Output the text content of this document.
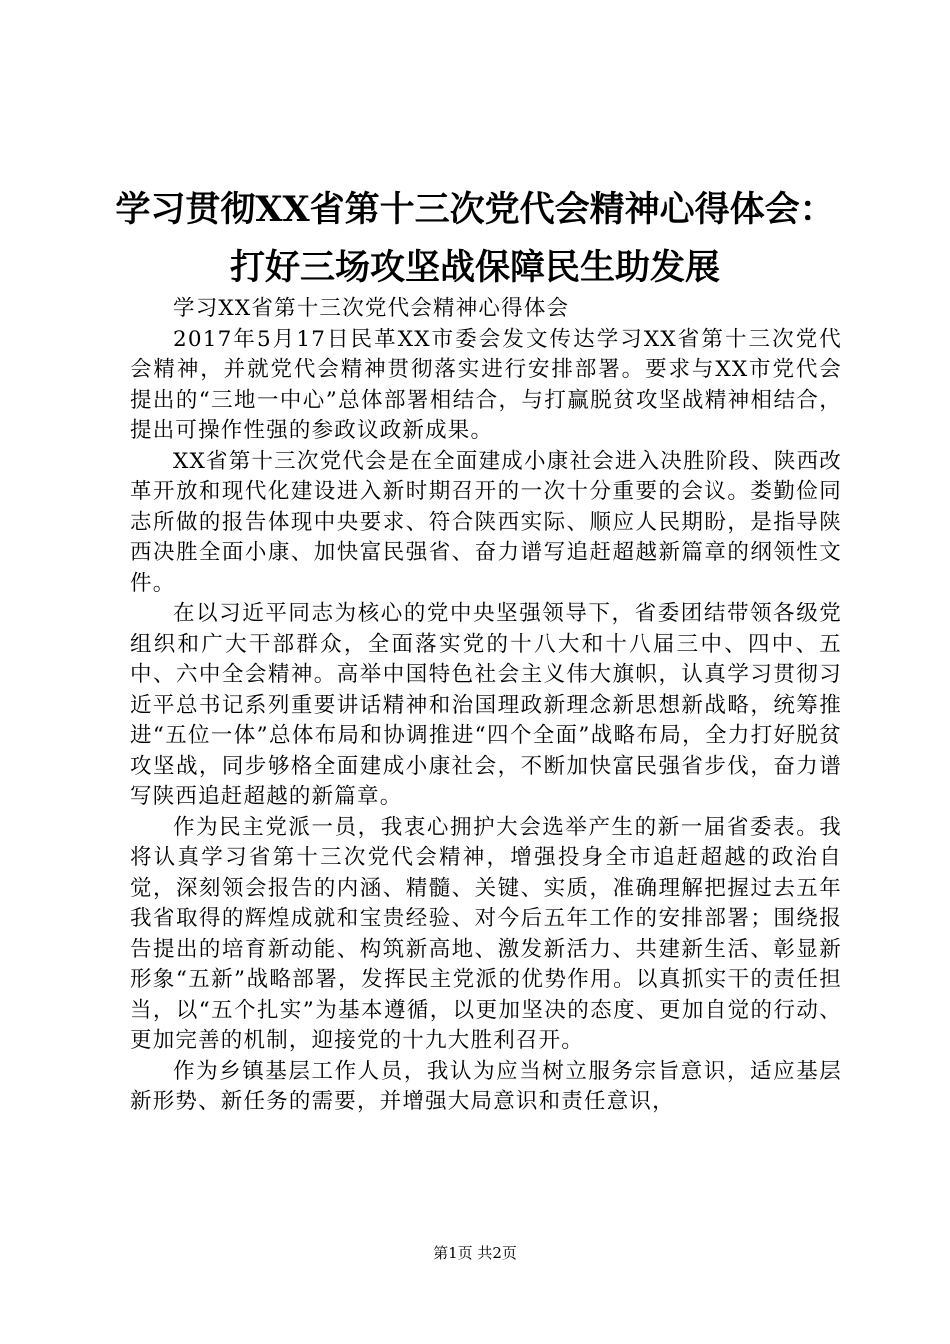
学习贯彻XX省第十三次党代会精神心得体会：
打好三场攻坚战保障民生助发展

学习XX省第十三次党代会精神心得体会

2017年5月17日民革XX市委会发文传达学习XX省第十三次党代会精神，并就党代会精神贯彻落实进行安排部署。要求与XX市党代会提出的“三地一中心”总体部署相结合，与打赢脱贫攻坚战精神相结合，提出可操作性强的参政议政新成果。

XX省第十三次党代会是在全面建成小康社会进入决胜阶段、陕西改革开放和现代化建设进入新时期召开的一次十分重要的会议。娄勤俭同志所做的报告体现中央要求、符合陕西实际、顺应人民期盼，是指导陕西决胜全面小康、加快富民强省、奋力谱写追赶超越新篇章的纲领性文件。

在以习近平同志为核心的党中央坚强领导下，省委团结带领各级党组织和广大干部群众，全面落实党的十八大和十八届三中、四中、五中、六中全会精神。高举中国特色社会主义伟大旗帜，认真学习贯彻习近平总书记系列重要讲话精神和治国理政新理念新思想新战略，统筹推进“五位一体”总体布局和协调推进“四个全面”战略布局，全力打好脱贫攻坚战，同步够格全面建成小康社会，不断加快富民强省步伐，奋力谱写陕西追赶超越的新篇章。

作为民主党派一员，我衷心拥护大会选举产生的新一届省委表。我将认真学习省第十三次党代会精神，增强投身全市追赶超越的政治自觉，深刻领会报告的内涵、精髓、关键、实质，准确理解把握过去五年我省取得的辉煌成就和宝贵经验、对今后五年工作的安排部署；围绕报告提出的培育新动能、构筑新高地、激发新活力、共建新生活、彰显新形象“五新”战略部署，发挥民主党派的优势作用。以真抓实干的责任担当，以“五个扎实”为基本遵循，以更加坚决的态度、更加自觉的行动、更加完善的机制，迎接党的十九大胜利召开。

作为乡镇基层工作人员，我认为应当树立服务宗旨意识，适应基层新形势、新任务的需要，并增强大局意识和责任意识，

第1页 共2页
